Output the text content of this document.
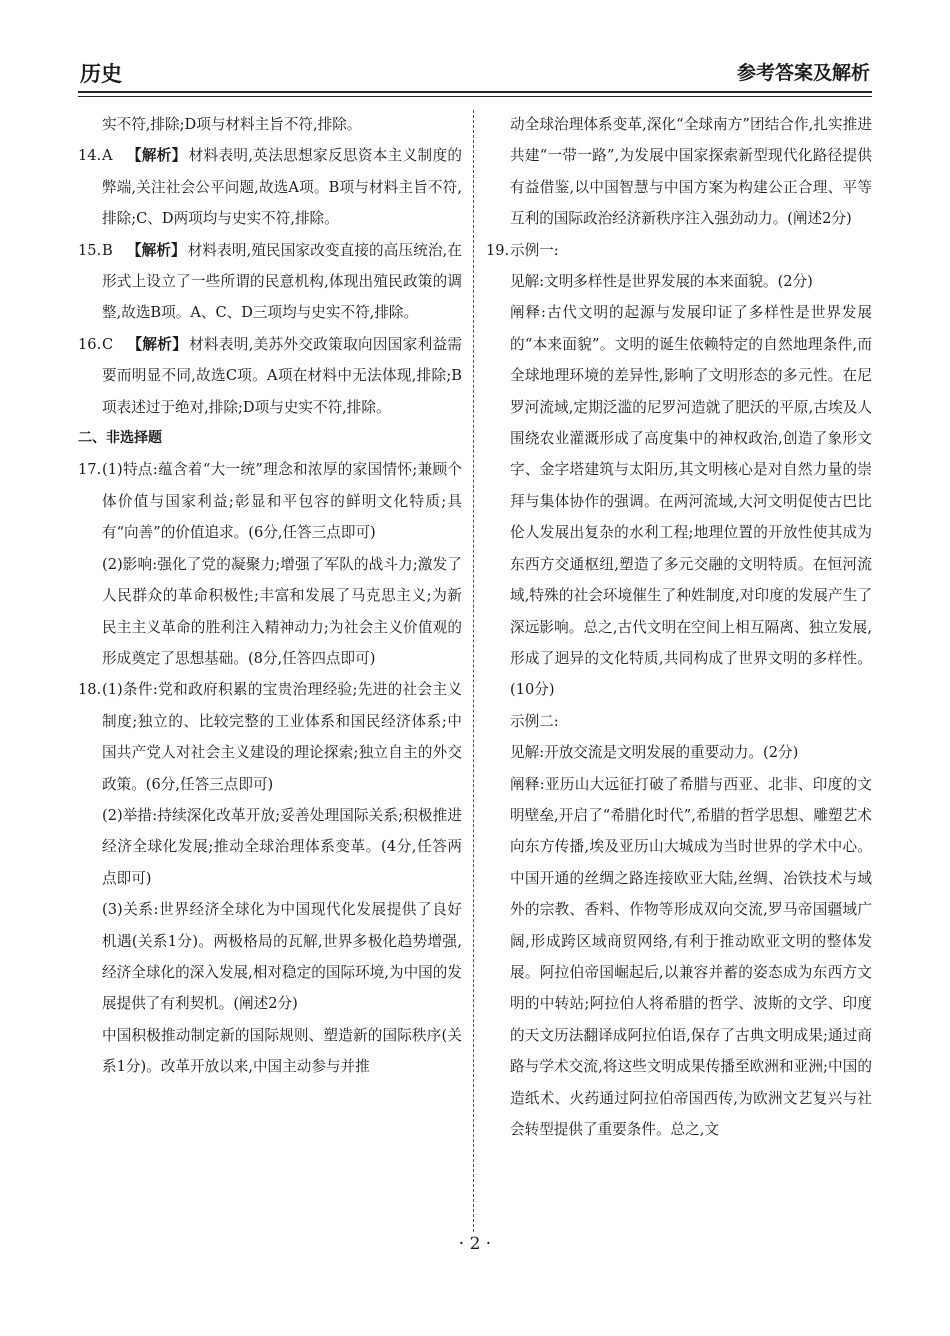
历史	参考答案及解析

实不符,排除;D项与材料主旨不符,排除。

14. A 【解析】 材料表明,英法思想家反思资本主义制度的弊端,关注社会公平问题,故选A项。B项与材料主旨不符,排除;C、D两项均与史实不符,排除。
15. B 【解析】 材料表明,殖民国家改变直接的高压统治,在形式上设立了一些所谓的民意机构,体现出殖民政策的调整,故选B项。A、C、D三项均与史实不符,排除。
16. C 【解析】 材料表明,美苏外交政策取向因国家利益需要而明显不同,故选C项。A项在材料中无法体现,排除;B项表述过于绝对,排除;D项与史实不符,排除。

二、非选择题

17. (1)特点:蕴含着“大一统”理念和浓厚的家国情怀;兼顾个体价值与国家利益;彰显和平包容的鲜明文化特质;具有“向善”的价值追求。(6分,任答三点即可)

(2)影响:强化了党的凝聚力;增强了军队的战斗力;激发了人民群众的革命积极性;丰富和发展了马克思主义;为新民主主义革命的胜利注入精神动力;为社会主义价值观的形成奠定了思想基础。(8分,任答四点即可)

18. (1)条件:党和政府积累的宝贵治理经验;先进的社会主义制度;独立的、比较完整的工业体系和国民经济体系;中国共产党人对社会主义建设的理论探索;独立自主的外交政策。(6分,任答三点即可)

(2)举措:持续深化改革开放;妥善处理国际关系;积极推进经济全球化发展;推动全球治理体系变革。(4分,任答两点即可)

(3)关系:世界经济全球化为中国现代化发展提供了良好机遇(关系1分)。两极格局的瓦解,世界多极化趋势增强,经济全球化的深入发展,相对稳定的国际环境,为中国的发展提供了有利契机。(阐述2分)

中国积极推动制定新的国际规则、塑造新的国际秩序(关系1分)。改革开放以来,中国主动参与并推

动全球治理体系变革,深化“全球南方”团结合作,扎实推进共建“一带一路”,为发展中国家探索新型现代化路径提供有益借鉴,以中国智慧与中国方案为构建公正合理、平等互利的国际政治经济新秩序注入强劲动力。(阐述2分)

19. 示例一:

见解:文明多样性是世界发展的本来面貌。(2分)

阐释:古代文明的起源与发展印证了多样性是世界发展的“本来面貌”。文明的诞生依赖特定的自然地理条件,而全球地理环境的差异性,影响了文明形态的多元性。在尼罗河流域,定期泛滥的尼罗河造就了肥沃的平原,古埃及人围绕农业灌溉形成了高度集中的神权政治,创造了象形文字、金字塔建筑与太阳历,其文明核心是对自然力量的崇拜与集体协作的强调。在两河流域,大河文明促使古巴比伦人发展出复杂的水利工程;地理位置的开放性使其成为东西方交通枢纽,塑造了多元交融的文明特质。在恒河流域,特殊的社会环境催生了种姓制度,对印度的发展产生了深远影响。总之,古代文明在空间上相互隔离、独立发展,形成了迥异的文化特质,共同构成了世界文明的多样性。(10分)

示例二:

见解:开放交流是文明发展的重要动力。(2分)

阐释:亚历山大远征打破了希腊与西亚、北非、印度的文明壁垒,开启了“希腊化时代”,希腊的哲学思想、雕塑艺术向东方传播,埃及亚历山大城成为当时世界的学术中心。中国开通的丝绸之路连接欧亚大陆,丝绸、冶铁技术与域外的宗教、香料、作物等形成双向交流,罗马帝国疆域广阔,形成跨区域商贸网络,有利于推动欧亚文明的整体发展。阿拉伯帝国崛起后,以兼容并蓄的姿态成为东西方文明的中转站;阿拉伯人将希腊的哲学、波斯的文学、印度的天文历法翻译成阿拉伯语,保存了古典文明成果;通过商路与学术交流,将这些文明成果传播至欧洲和亚洲;中国的造纸术、火药通过阿拉伯帝国西传,为欧洲文艺复兴与社会转型提供了重要条件。总之,文

· 2 ·
